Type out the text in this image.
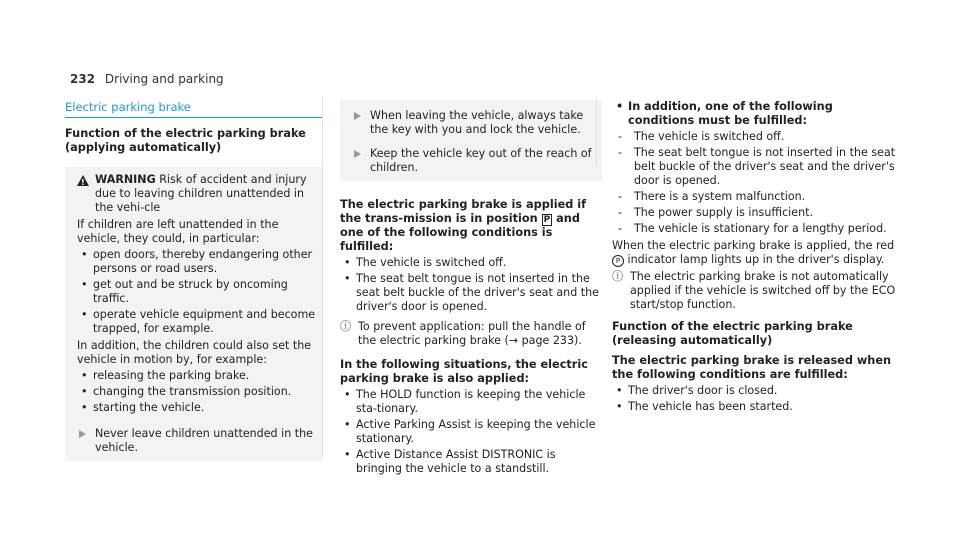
232 Driving and parking
Electric parking brake
Function of the electric parking brake (applying automatically)
!
WARNING Risk of accident and injury due to leaving children unattended in the vehi-cle
If children are left unattended in the vehicle, they could, in particular:
• open doors, thereby endangering other persons or road users.
• get out and be struck by oncoming traffic.
• operate vehicle equipment and become trapped, for example.
In addition, the children could also set the vehicle in motion by, for example:
• releasing the parking brake.
• changing the transmission position.
• starting the vehicle.
Never leave children unattended in the vehicle.
When leaving the vehicle, always take the key with you and lock the vehicle.
Keep the vehicle key out of the reach of children.
The electric parking brake is applied if the trans-mission is in position P and one of the following conditions is fulfilled:
• The vehicle is switched off.
• The seat belt tongue is not inserted in the seat belt buckle of the driver's seat and the driver's door is opened.
ⓘ To prevent application: pull the handle of the electric parking brake (→ page 233).
In the following situations, the electric parking brake is also applied:
• The HOLD function is keeping the vehicle sta-tionary.
• Active Parking Assist is keeping the vehicle stationary.
• Active Distance Assist DISTRONIC is bringing the vehicle to a standstill.
• In addition, one of the following conditions must be fulfilled:
-	The vehicle is switched off.
-	The seat belt tongue is not inserted in the seat belt buckle of the driver's seat and the driver's door is opened.
-	There is a system malfunction.
-	The power supply is insufficient.
-	The vehicle is stationary for a lengthy period.
When the electric parking brake is applied, the red P indicator lamp lights up in the driver's display.
ⓘ The electric parking brake is not automatically applied if the vehicle is switched off by the ECO start/stop function.
Function of the electric parking brake (releasing automatically)
The electric parking brake is released when the following conditions are fulfilled:
• The driver's door is closed.
• The vehicle has been started.
